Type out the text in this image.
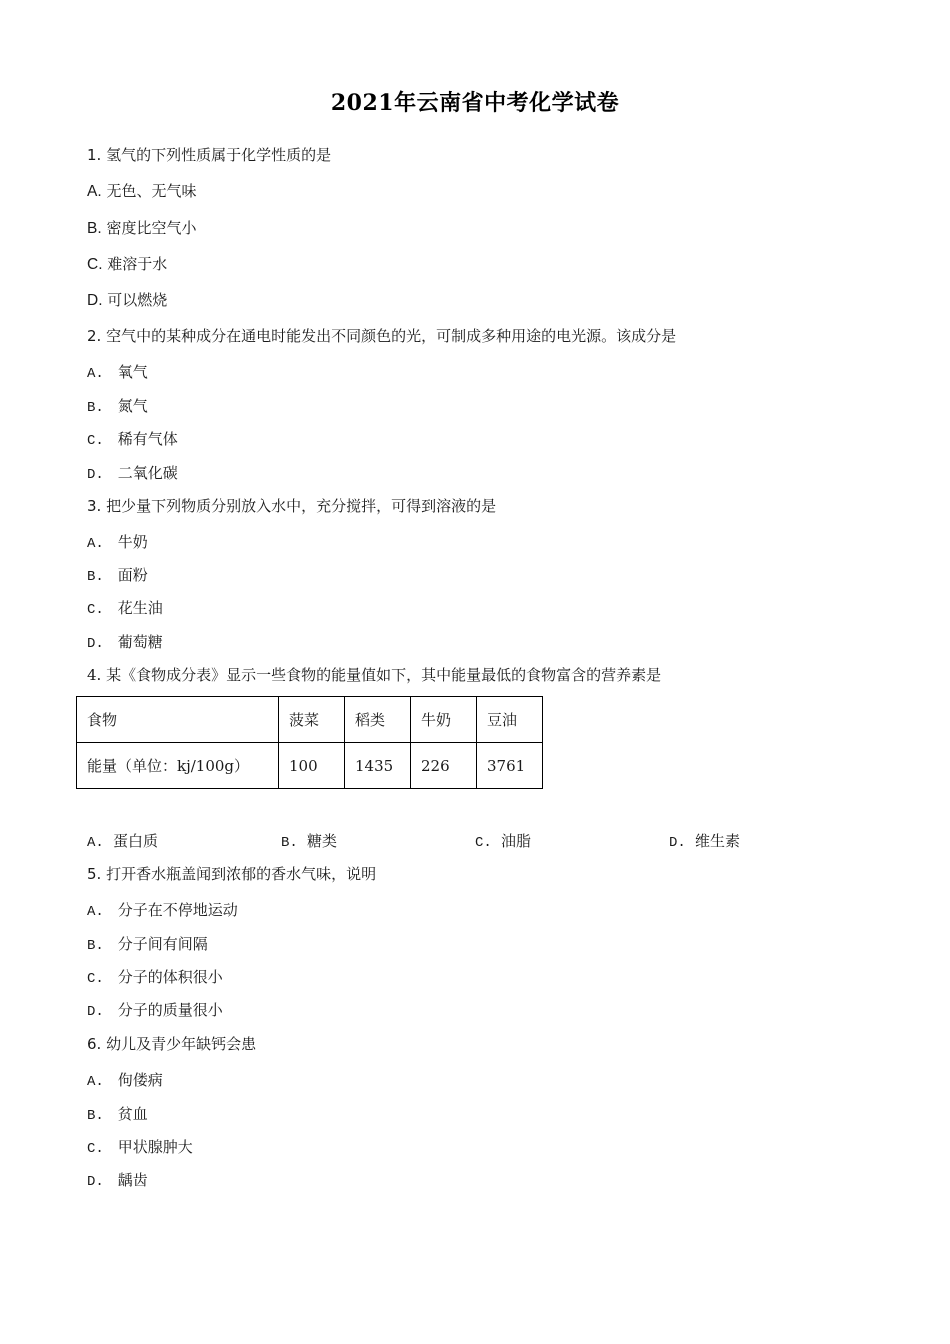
2021年云南省中考化学试卷
1. 氢气的下列性质属于化学性质的是
A. 无色、无气味
B. 密度比空气小
C. 难溶于水
D. 可以燃烧
2. 空气中的某种成分在通电时能发出不同颜色的光，可制成多种用途的电光源。该成分是
A. 氧气
B. 氮气
C. 稀有气体
D. 二氧化碳
3. 把少量下列物质分别放入水中，充分搅拌，可得到溶液的是
A. 牛奶
B. 面粉
C. 花生油
D. 葡萄糖
4. 某《食物成分表》显示一些食物的能量值如下，其中能量最低的食物富含的营养素是
食物	菠菜	稻类	牛奶	豆油
能量（单位：kj/100g）	100	1435	226	3761
A. 蛋白质	B. 糖类	C. 油脂	D. 维生素
5. 打开香水瓶盖闻到浓郁的香水气味，说明
A. 分子在不停地运动
B. 分子间有间隔
C. 分子的体积很小
D. 分子的质量很小
6. 幼儿及青少年缺钙会患
A. 佝偻病
B. 贫血
C. 甲状腺肿大
D. 龋齿
